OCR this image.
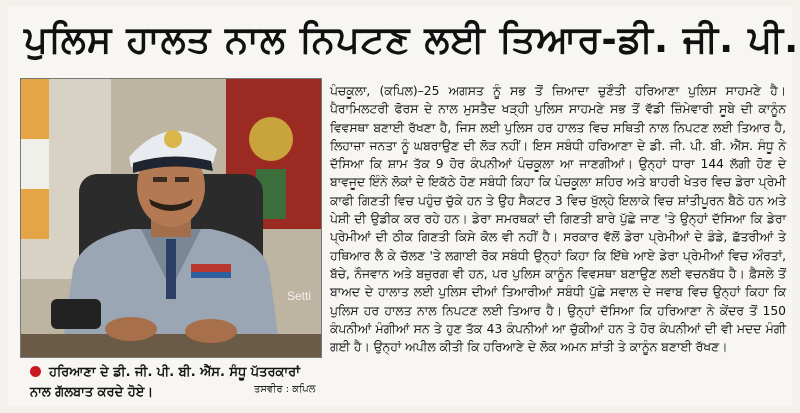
ਪੁਲਿਸ ਹਾਲਤ ਨਾਲ ਨਿਪਟਣ ਲਈ ਤਿਆਰ-ਡੀ. ਜੀ. ਪੀ.
Setti
ਹਰਿਆਣਾ ਦੇ ਡੀ. ਜੀ. ਪੀ. ਬੀ. ਐੱਸ. ਸੰਧੂ ਪੱਤਰਕਾਰਾਂ ਨਾਲ ਗੱਲਬਾਤ ਕਰਦੇ ਹੋਏ।	ਤਸਵੀਰ : ਕਪਿਲ

ਪੰਚਕੂਲਾ, (ਕਪਿਲ)–25 ਅਗਸਤ ਨੂੰ ਸਭ ਤੋਂ ਜ਼ਿਆਦਾ ਚੁਣੌਤੀ ਹਰਿਆਣਾ ਪੁਲਿਸ ਸਾਹਮਣੇ ਹੈ। ਪੈਰਾਮਿਲਟਰੀ ਫੋਰਸ ਦੇ ਨਾਲ ਮੁਸਤੈਦ ਖੜ੍ਹੀ ਪੁਲਿਸ ਸਾਹਮਣੇ ਸਭ ਤੋਂ ਵੱਡੀ ਜ਼ਿੰਮੇਵਾਰੀ ਸੂਬੇ ਦੀ ਕਾਨੂੰਨ ਵਿਵਸਥਾ ਬਣਾਈ ਰੱਖਣਾ ਹੈ, ਜਿਸ ਲਈ ਪੁਲਿਸ ਹਰ ਹਾਲਤ ਵਿਚ ਸਥਿਤੀ ਨਾਲ ਨਿਪਟਣ ਲਈ ਤਿਆਰ ਹੈ, ਲਿਹਾਜ਼ਾ ਜਨਤਾ ਨੂੰ ਘਬਰਾਉਣ ਦੀ ਲੋੜ ਨਹੀਂ। ਇਸ ਸਬੰਧੀ ਹਰਿਆਣਾ ਦੇ ਡੀ. ਜੀ. ਪੀ. ਬੀ. ਐੱਸ. ਸੰਧੂ ਨੇ ਦੱਸਿਆ ਕਿ ਸ਼ਾਮ ਤੱਕ 9 ਹੋਰ ਕੰਪਨੀਆਂ ਪੰਚਕੂਲਾ ਆ ਜਾਣਗੀਆਂ। ਉਨ੍ਹਾਂ ਧਾਰਾ 144 ਲੱਗੀ ਹੋਣ ਦੇ ਬਾਵਜੂਦ ਇੰਨੇ ਲੋਕਾਂ ਦੇ ਇਕੱਠੇ ਹੋਣ ਸਬੰਧੀ ਕਿਹਾ ਕਿ ਪੰਚਕੂਲਾ ਸ਼ਹਿਰ ਅਤੇ ਬਾਹਰੀ ਖੇਤਰ ਵਿਚ ਡੇਰਾ ਪ੍ਰੇਮੀ ਕਾਫੀ ਗਿਣਤੀ ਵਿਚ ਪਹੁੰਚ ਚੁੱਕੇ ਹਨ ਤੇ ਉਹ ਸੈਕਟਰ 3 ਵਿਚ ਖੁੱਲ੍ਹੇ ਇਲਾਕੇ ਵਿਚ ਸ਼ਾਂਤੀਪੂਰਨ ਬੈਠੇ ਹਨ ਅਤੇ ਪੇਸ਼ੀ ਦੀ ਉਡੀਕ ਕਰ ਰਹੇ ਹਨ। ਡੇਰਾ ਸਮਰਥਕਾਂ ਦੀ ਗਿਣਤੀ ਬਾਰੇ ਪੁੱਛੇ ਜਾਣ 'ਤੇ ਉਨ੍ਹਾਂ ਦੱਸਿਆ ਕਿ ਡੇਰਾ ਪ੍ਰੇਮੀਆਂ ਦੀ ਠੀਕ ਗਿਣਤੀ ਕਿਸੇ ਕੋਲ ਵੀ ਨਹੀਂ ਹੈ। ਸਰਕਾਰ ਵੱਲੋਂ ਡੇਰਾ ਪ੍ਰੇਮੀਆਂ ਦੇ ਡੰਡੇ, ਛੱਤਰੀਆਂ ਤੇ ਹਥਿਆਰ ਲੈ ਕੇ ਚੱਲਣ 'ਤੇ ਲਗਾਈ ਰੋਕ ਸਬੰਧੀ ਉਨ੍ਹਾਂ ਕਿਹਾ ਕਿ ਇੱਥੇ ਆਏ ਡੇਰਾ ਪ੍ਰੇਮੀਆਂ ਵਿਚ ਔਰਤਾਂ, ਬੱਚੇ, ਨੌਜਵਾਨ ਅਤੇ ਬਜ਼ੁਰਗ ਵੀ ਹਨ, ਪਰ ਪੁਲਿਸ ਕਾਨੂੰਨ ਵਿਵਸਥਾ ਬਣਾਉਣ ਲਈ ਵਚਨਬੱਧ ਹੈ। ਫ਼ੈਸਲੇ ਤੋਂ ਬਾਅਦ ਦੇ ਹਾਲਾਤ ਲਈ ਪੁਲਿਸ ਦੀਆਂ ਤਿਆਰੀਆਂ ਸਬੰਧੀ ਪੁੱਛੇ ਸਵਾਲ ਦੇ ਜਵਾਬ ਵਿਚ ਉਨ੍ਹਾਂ ਕਿਹਾ ਕਿ ਪੁਲਿਸ ਹਰ ਹਾਲਤ ਨਾਲ ਨਿਪਟਣ ਲਈ ਤਿਆਰ ਹੈ। ਉਨ੍ਹਾਂ ਦੱਸਿਆ ਕਿ ਹਰਿਆਣਾ ਨੇ ਕੇਂਦਰ ਤੋਂ 150 ਕੰਪਨੀਆਂ ਮੰਗੀਆਂ ਸਨ ਤੇ ਹੁਣ ਤੱਕ 43 ਕੰਪਨੀਆਂ ਆ ਚੁੱਕੀਆਂ ਹਨ ਤੇ ਹੋਰ ਕੰਪਨੀਆਂ ਦੀ ਵੀ ਮਦਦ ਮੰਗੀ ਗਈ ਹੈ। ਉਨ੍ਹਾਂ ਅਪੀਲ ਕੀਤੀ ਕਿ ਹਰਿਆਣੇ ਦੇ ਲੋਕ ਅਮਨ ਸ਼ਾਂਤੀ ਤੇ ਕਾਨੂੰਨ ਬਣਾਈ ਰੱਖਣ।
